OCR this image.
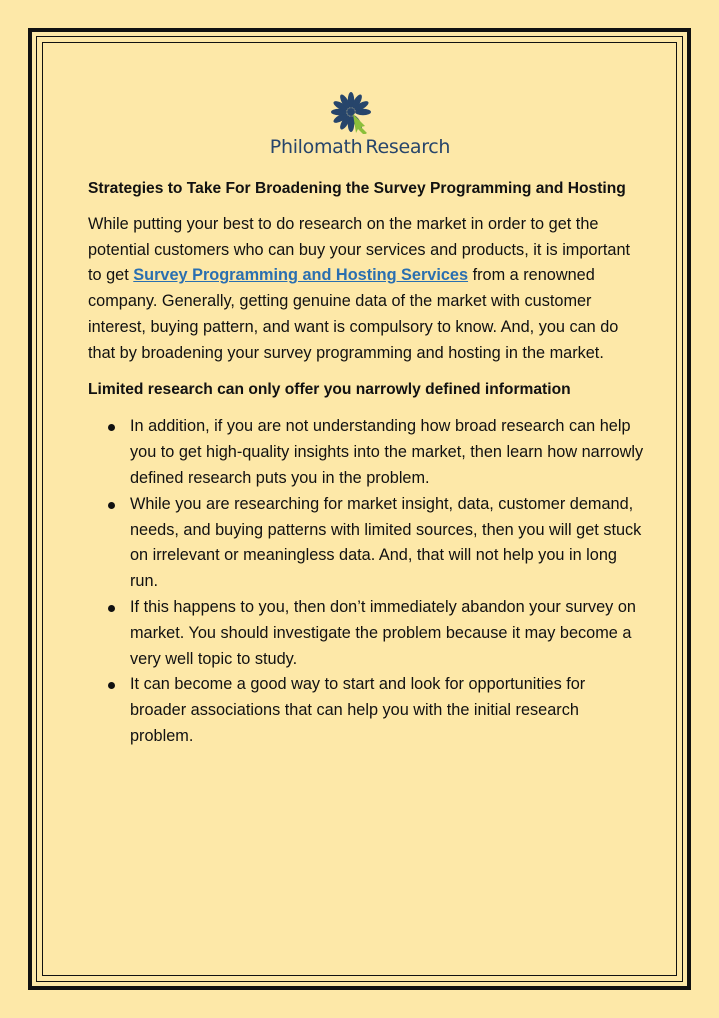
Philomath Research

Strategies to Take For Broadening the Survey Programming and Hosting

While putting your best to do research on the market in order to get the potential customers who can buy your services and products, it is important to get Survey Programming and Hosting Services from a renowned company. Generally, getting genuine data of the market with customer interest, buying pattern, and want is compulsory to know. And, you can do that by broadening your survey programming and hosting in the market.

Limited research can only offer you narrowly defined information

In addition, if you are not understanding how broad research can help you to get high-quality insights into the market, then learn how narrowly defined research puts you in the problem.
While you are researching for market insight, data, customer demand, needs, and buying patterns with limited sources, then you will get stuck on irrelevant or meaningless data. And, that will not help you in long run.
If this happens to you, then don’t immediately abandon your survey on market. You should investigate the problem because it may become a very well topic to study.
It can become a good way to start and look for opportunities for broader associations that can help you with the initial research problem.
